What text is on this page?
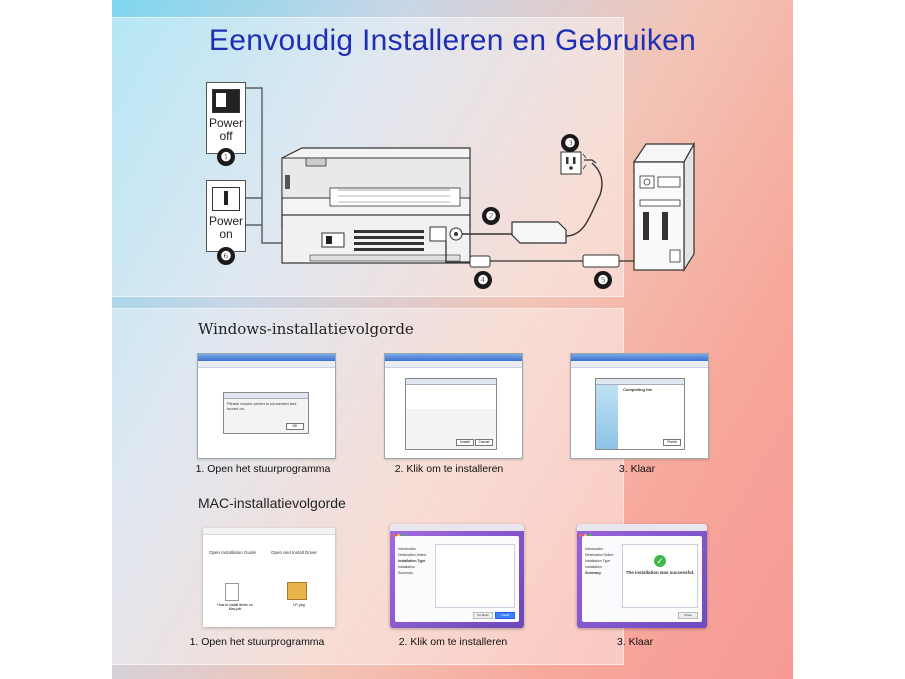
Eenvoudig Installeren en Gebruiken
Power off
Power on
❶
❷
❸
❹	❺
❻
Windows-installatievolgorde
Please ensure printer is connected and turned on.
OK
Install	Cancel
Completing the
Finish
1. Open het stuurprogramma	2. Klik om te installeren	3. Klaar
MAC-installatievolgorde
Open Installation Guide	Open and Install Driver
How to install driver on Mac.pdf
LP..pkg
Introduction
Destination Select
Installation Type
Installation
Summary
Go Back	Install
Introduction
Destination Select
Installation Type
Installation
Summary
✓
The installation was successful.
Close
1. Open het stuurprogramma	2. Klik om te installeren	3. Klaar
